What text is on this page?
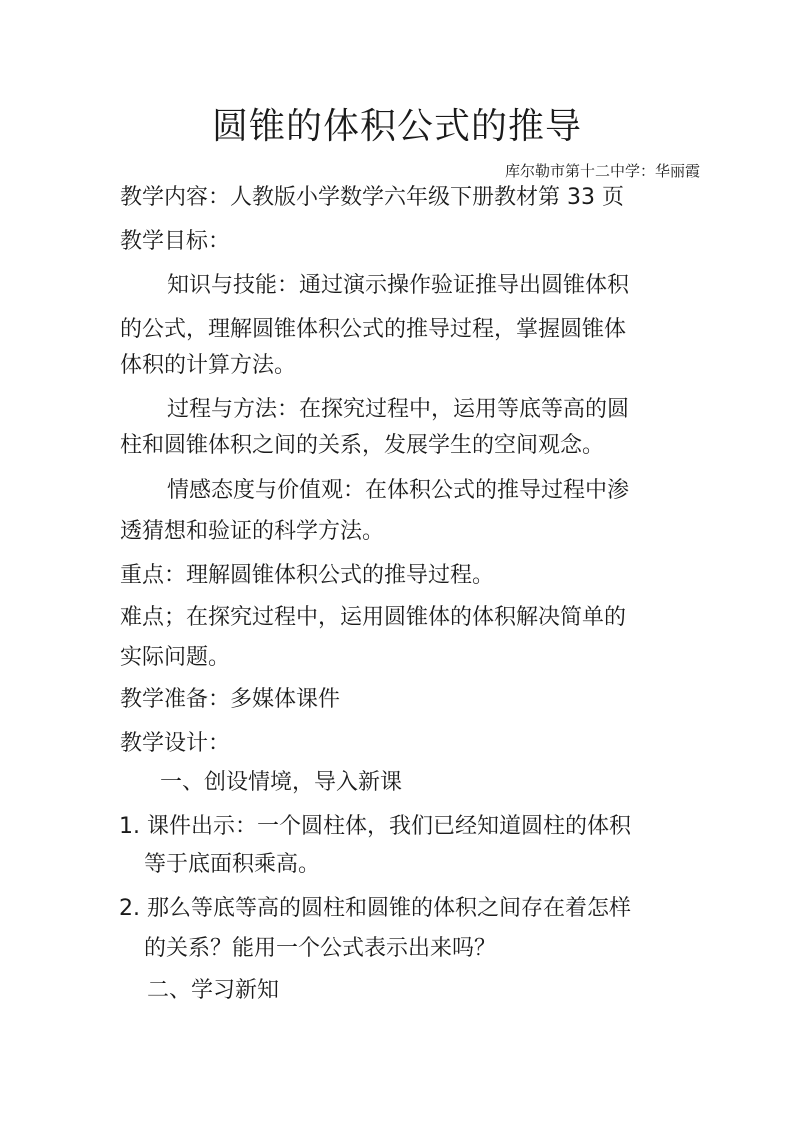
圆锥的体积公式的推导
库尔勒市第十二中学：华丽霞
教学内容：人教版小学数学六年级下册教材第 33 页
教学目标：
知识与技能：通过演示操作验证推导出圆锥体积
的公式，理解圆锥体积公式的推导过程，掌握圆锥体
体积的计算方法。
过程与方法：在探究过程中，运用等底等高的圆
柱和圆锥体积之间的关系，发展学生的空间观念。
情感态度与价值观：在体积公式的推导过程中渗
透猜想和验证的科学方法。
重点：理解圆锥体积公式的推导过程。
难点；在探究过程中，运用圆锥体的体积解决简单的
实际问题。
教学准备：多媒体课件
教学设计：
一、创设情境，导入新课
1. 课件出示：一个圆柱体，我们已经知道圆柱的体积
等于底面积乘高。
2. 那么等底等高的圆柱和圆锥的体积之间存在着怎样
的关系？能用一个公式表示出来吗？
二、学习新知
